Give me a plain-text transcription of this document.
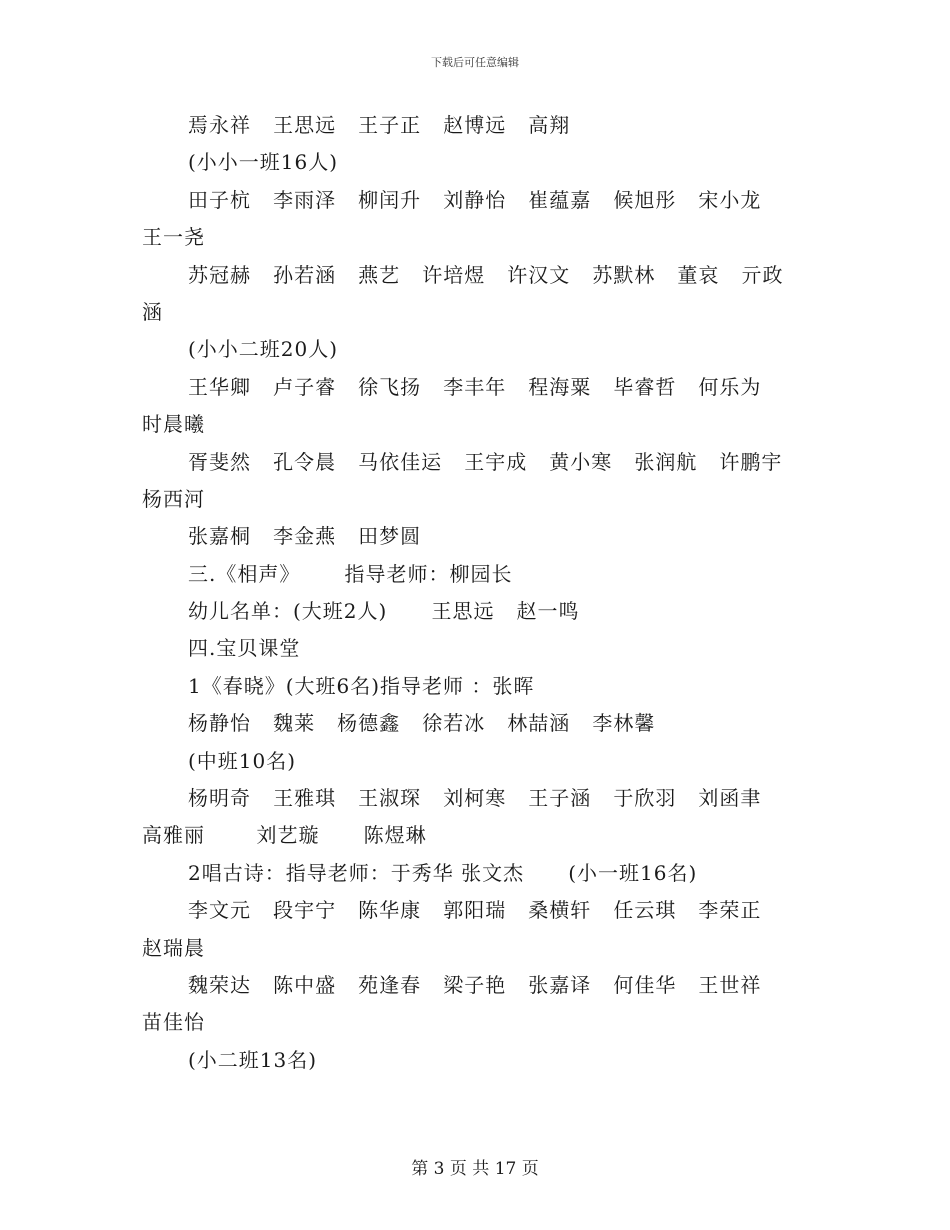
下载后可任意编辑
焉永祥   王思远   王子正   赵博远   高翔
(小小一班16人)
田子杭   李雨泽   柳闰升   刘静怡   崔蕴嘉   候旭彤   宋小龙
王一尧
苏冠赫   孙若涵   燕艺   许培煜   许汉文   苏默林   董哀   亓政
涵
(小小二班20人)
王华卿   卢子睿   徐飞扬   李丰年   程海粟   毕睿哲   何乐为
时晨曦
胥斐然   孔令晨   马依佳运   王宇成   黄小寒   张润航   许鹏宇
杨西河
张嘉桐   李金燕   田梦圆
三.《相声》      指导老师：柳园长
幼儿名单：(大班2人)      王思远   赵一鸣
四.宝贝课堂
1《春晓》(大班6名)指导老师 ：张晖
杨静怡   魏莱   杨德鑫   徐若冰   林喆涵   李林馨
(中班10名)
杨明奇   王雅琪   王淑琛   刘柯寒   王子涵   于欣羽   刘函聿
高雅丽       刘艺璇      陈煜琳
2唱古诗：指导老师：于秀华 张文杰      (小一班16名)
李文元   段宇宁   陈华康   郭阳瑞   桑横轩   任云琪   李荣正
赵瑞晨
魏荣达   陈中盛   苑逢春   梁子艳   张嘉译   何佳华   王世祥
苗佳怡
(小二班13名)
第 3 页 共 17 页
